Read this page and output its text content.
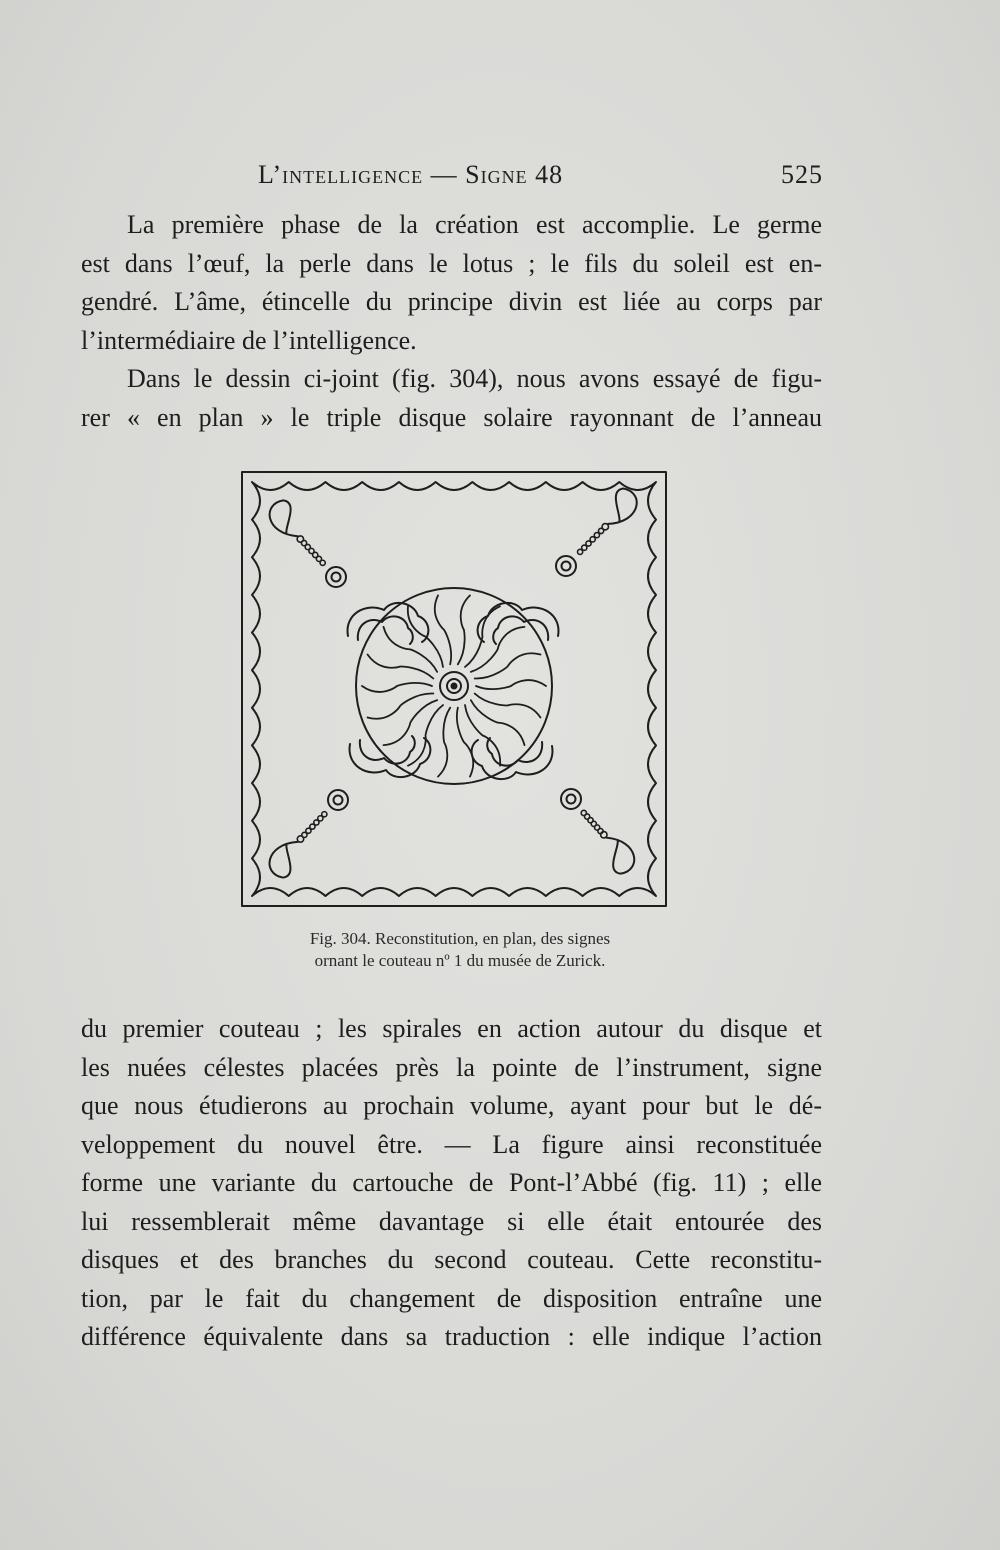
L’intelligence — Signe 48	525
La première phase de la création est accomplie. Le germe
est dans l’œuf, la perle dans le lotus ; le fils du soleil est en-
gendré. L’âme, étincelle du principe divin est liée au corps par
l’intermédiaire de l’intelligence.
Dans le dessin ci-joint (fig. 304), nous avons essayé de figu-
rer « en plan » le triple disque solaire rayonnant de l’anneau
Fig. 304. Reconstitution, en plan, des signes
ornant le couteau nº 1 du musée de Zurick.
du premier couteau ; les spirales en action autour du disque et
les nuées célestes placées près la pointe de l’instrument, signe
que nous étudierons au prochain volume, ayant pour but le dé-
veloppement du nouvel être. — La figure ainsi reconstituée
forme une variante du cartouche de Pont-l’Abbé (fig. 11) ; elle
lui ressemblerait même davantage si elle était entourée des
disques et des branches du second couteau. Cette reconstitu-
tion, par le fait du changement de disposition entraîne une
différence équivalente dans sa traduction : elle indique l’action
